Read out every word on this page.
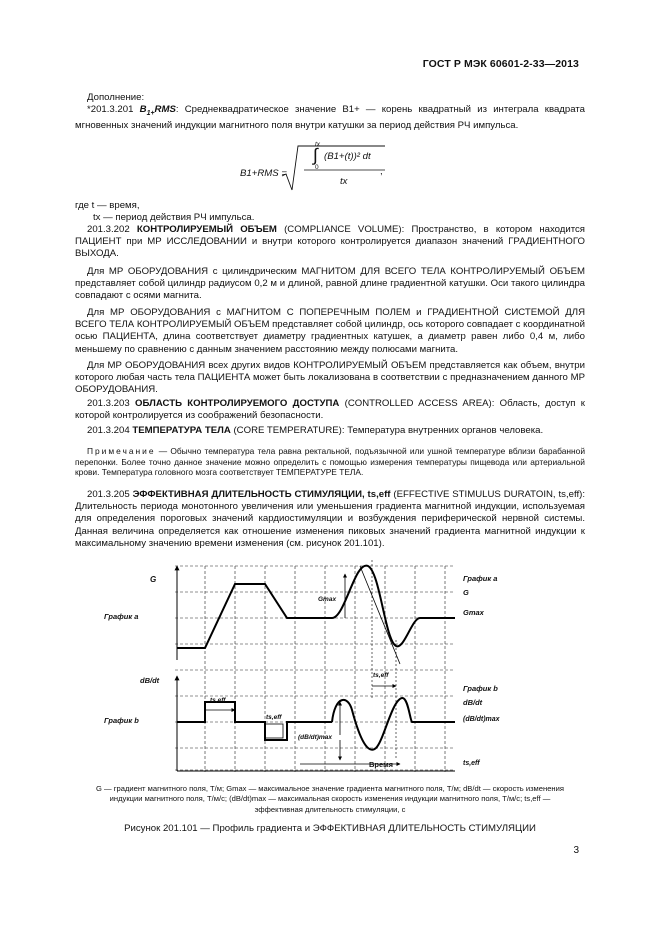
ГОСТ Р МЭК 60601-2-33—2013

Дополнение:

*201.3.201 $B_{1+}RMS$: Среднеквадратическое значение B1+ — корень квадратный из интеграла квадрата мгновенных значений индукции магнитного поля внутри катушки за период действия РЧ импульса.

B1+RMS =
tx
∫
0
(B1+(t))² dt
tx
,

где t — время,

tx — период действия РЧ импульса.

201.3.202 КОНТРОЛИРУЕМЫЙ ОБЪЕМ (COMPLIANCE VOLUME): Пространство, в котором находится ПАЦИЕНТ при МР ИССЛЕДОВАНИИ и внутри которого контролируется диапазон значений ГРАДИЕНТНОГО ВЫХОДА.

Для МР ОБОРУДОВАНИЯ с цилиндрическим МАГНИТОМ ДЛЯ ВСЕГО ТЕЛА КОНТРОЛИРУЕМЫЙ ОБЪЕМ представляет собой цилиндр радиусом 0,2 м и длиной, равной длине градиентной катушки. Оси такого цилиндра совпадают с осями магнита.

Для МР ОБОРУДОВАНИЯ с МАГНИТОМ С ПОПЕРЕЧНЫМ ПОЛЕМ и ГРАДИЕНТНОЙ СИСТЕМОЙ ДЛЯ ВСЕГО ТЕЛА КОНТРОЛИРУЕМЫЙ ОБЪЕМ представляет собой цилиндр, ось которого совпадает с координатной осью ПАЦИЕНТА, длина соответствует диаметру градиентных катушек, а диаметр равен либо 0,4 м, либо меньшему по сравнению с данным значением расстоянию между полюсами магнита.

Для МР ОБОРУДОВАНИЯ всех других видов КОНТРОЛИРУЕМЫЙ ОБЪЕМ представляется как объем, внутри которого любая часть тела ПАЦИЕНТА может быть локализована в соответствии с предназначением данного МР ОБОРУДОВАНИЯ.

201.3.203 ОБЛАСТЬ КОНТРОЛИРУЕМОГО ДОСТУПА (CONTROLLED ACCESS AREA): Область, доступ к которой контролируется из соображений безопасности.

201.3.204 ТЕМПЕРАТУРА ТЕЛА (CORE TEMPERATURE): Температура внутренних органов человека.

Примечание — Обычно температура тела равна ректальной, подъязычной или ушной температуре вблизи барабанной перепонки. Более точно данное значение можно определить с помощью измерения температуры пищевода или артериальной крови. Температура головного мозга соответствует ТЕМПЕРАТУРЕ ТЕЛА.

201.3.205 ЭФФЕКТИВНАЯ ДЛИТЕЛЬНОСТЬ СТИМУЛЯЦИИ, ts,eff (EFFECTIVE STIMULUS DURATOIN, ts,eff): Длительность периода монотонного увеличения или уменьшения градиента магнитной индукции, используемая для определения пороговых значений кардиостимуляции и возбуждения периферической нервной системы. Данная величина определяется как отношение изменения пиковых значений градиента магнитной индукции к максимальному значению времени изменения (см. рисунок 201.101).

G
График a
dB/dt
График b
График a
G
Gmax
График b
dB/dt
(dB/dt)max
Gmax
(dB/dt)max
ts,eff
ts,eff
ts,eff
Время	ts,eff
G — градиент магнитного поля, Т/м; Gmax — максимальное значение градиента магнитного поля, Т/м; dB/dt — скорость изменения индукции магнитного поля, Т/м/с; (dB/dt)max — максимальная скорость изменения индукции магнитного поля, Т/м/с; ts,eff — эффективная длительность стимуляции, с
Рисунок 201.101 — Профиль градиента и ЭФФЕКТИВНАЯ ДЛИТЕЛЬНОСТЬ СТИМУЛЯЦИИ
3
